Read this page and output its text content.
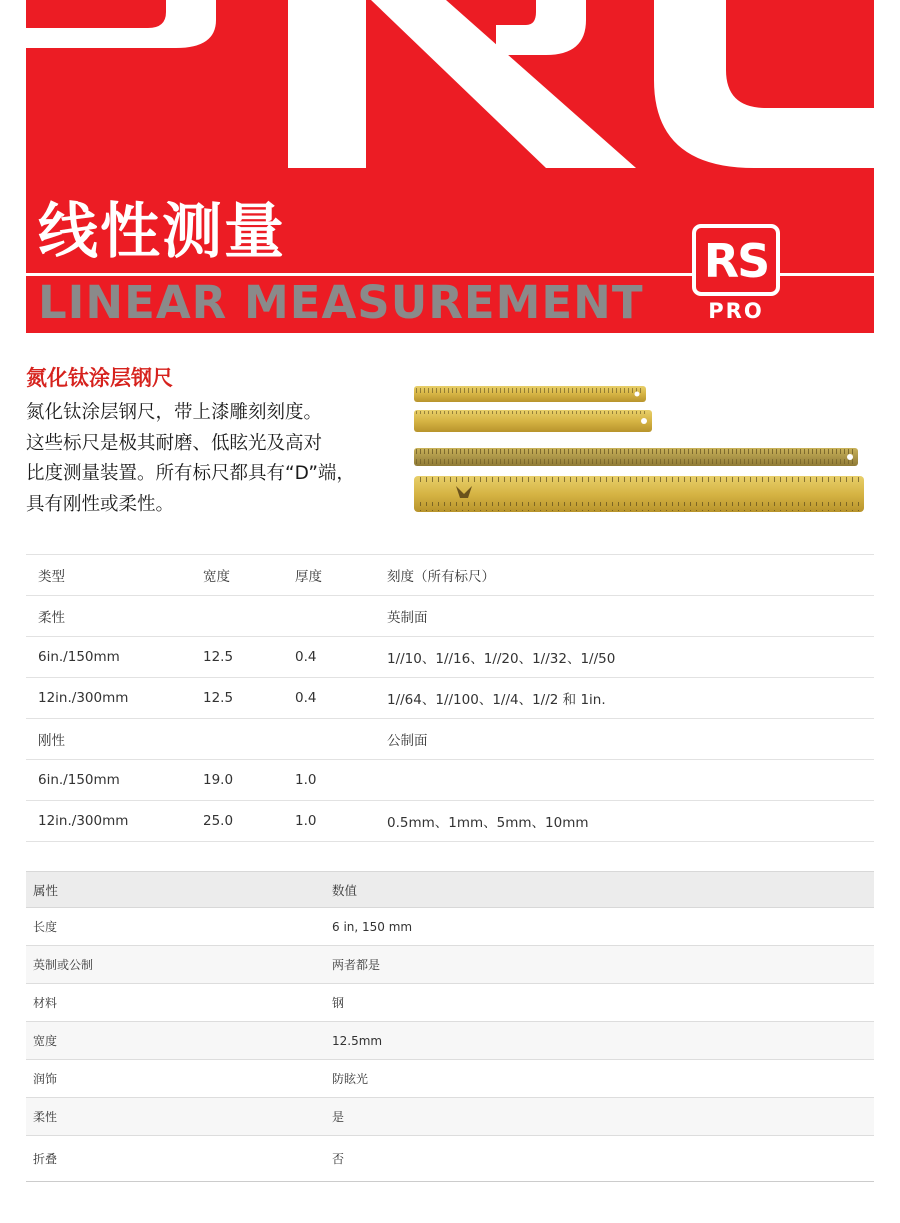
线性测量
LINEAR MEASUREMENT
RS
PRO
氮化钛涂层钢尺

氮化钛涂层钢尺，带上漆雕刻刻度。

这些标尺是极其耐磨、低眩光及高对

比度测量装置。所有标尺都具有“D”端，

具有刚性或柔性。

类型	宽度	厚度	刻度（所有标尺）
柔性			英制面
6in./150mm	12.5	0.4	1//10、1//16、1//20、1//32、1//50
12in./300mm	12.5	0.4	1//64、1//100、1//4、1//2 和 1in.
刚性			公制面
6in./150mm	19.0	1.0	
12in./300mm	25.0	1.0	0.5mm、1mm、5mm、10mm
属性	数值
长度	6 in, 150 mm
英制或公制	两者都是
材料	钢
宽度	12.5mm
润饰	防眩光
柔性	是
折叠	否
